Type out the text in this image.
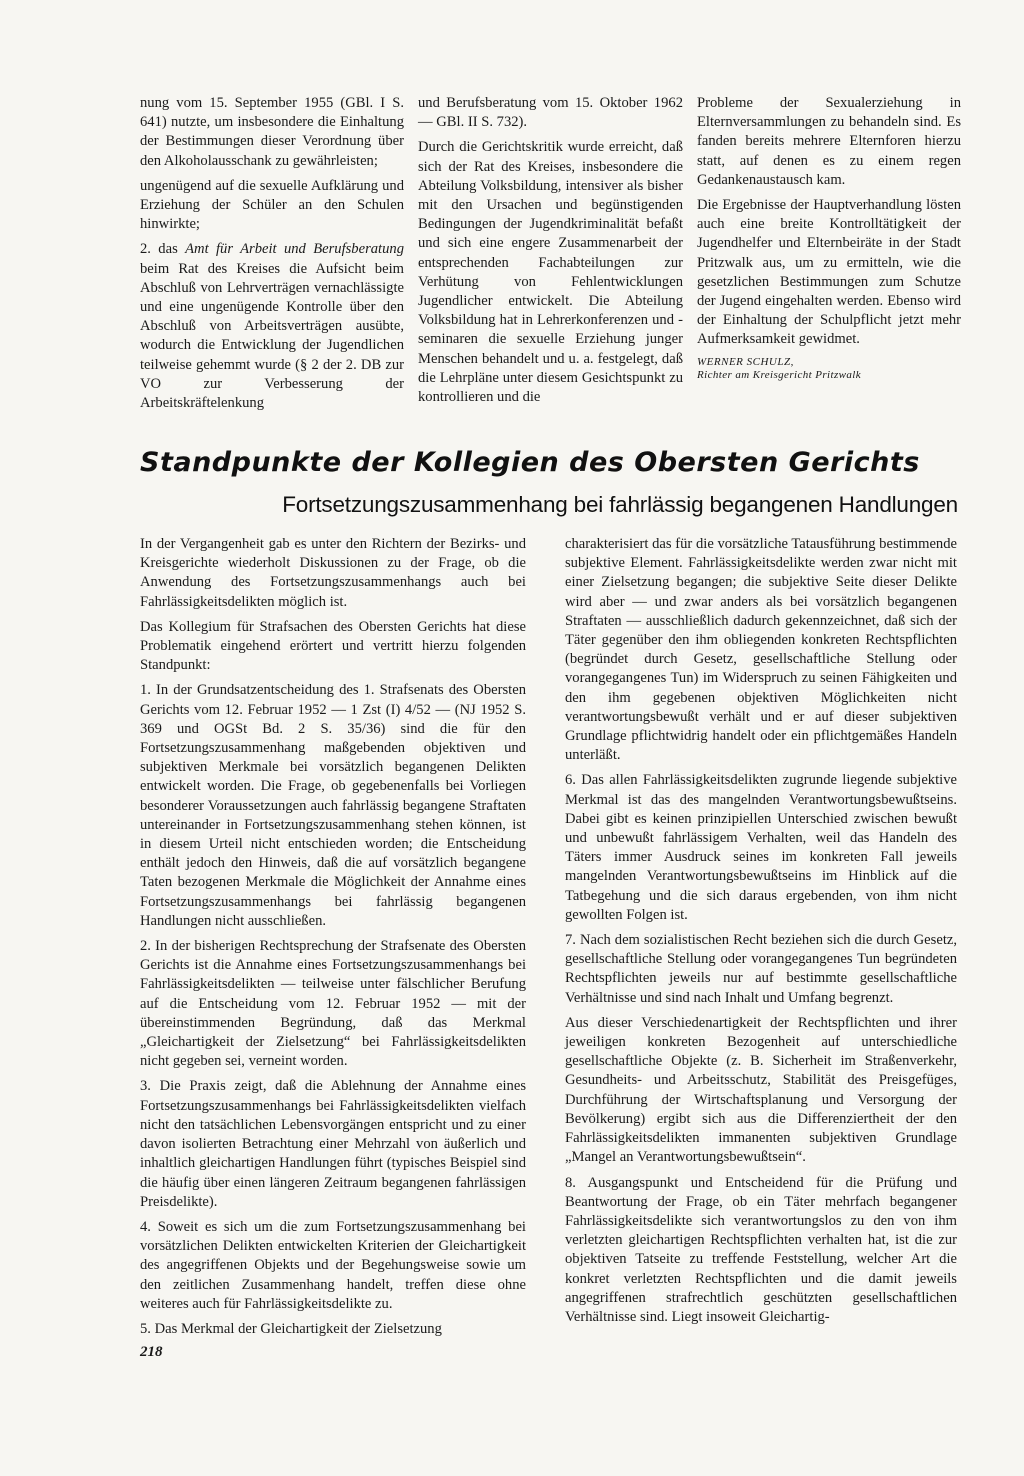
nung vom 15. September 1955 (GBl. I S. 641) nutzte, um insbesondere die Einhaltung der Bestimmungen dieser Verordnung über den Alkoholausschank zu gewährleisten;

ungenügend auf die sexuelle Aufklärung und Erziehung der Schüler an den Schulen hinwirkte;

2. das Amt für Arbeit und Berufsberatung beim Rat des Kreises die Aufsicht beim Abschluß von Lehrverträgen vernachlässigte und eine ungenügende Kontrolle über den Abschluß von Arbeitsverträgen ausübte, wodurch die Entwicklung der Jugendlichen teilweise gehemmt wurde (§ 2 der 2. DB zur VO zur Verbesserung der Arbeitskräftelenkung

und Berufsberatung vom 15. Oktober 1962 — GBl. II S. 732).

Durch die Gerichtskritik wurde erreicht, daß sich der Rat des Kreises, insbesondere die Abteilung Volksbildung, intensiver als bisher mit den Ursachen und begünstigenden Bedingungen der Jugendkriminalität befaßt und sich eine engere Zusammenarbeit der entsprechenden Fachabteilungen zur Verhütung von Fehlentwicklungen Jugendlicher entwickelt. Die Abteilung Volksbildung hat in Lehrerkonferenzen und -seminaren die sexuelle Erziehung junger Menschen behandelt und u. a. festgelegt, daß die Lehrpläne unter diesem Gesichtspunkt zu kontrollieren und die

Probleme der Sexualerziehung in Elternversammlungen zu behandeln sind. Es fanden bereits mehrere Elternforen hierzu statt, auf denen es zu einem regen Gedankenaustausch kam.

Die Ergebnisse der Hauptverhandlung lösten auch eine breite Kontrolltätigkeit der Jugendhelfer und Elternbeiräte in der Stadt Pritzwalk aus, um zu ermitteln, wie die gesetzlichen Bestimmungen zum Schutze der Jugend eingehalten werden. Ebenso wird der Einhaltung der Schulpflicht jetzt mehr Aufmerksamkeit gewidmet.

WERNER SCHULZ,
Richter am Kreisgericht Pritzwalk
Standpunkte der Kollegien des Obersten Gerichts
Fortsetzungszusammenhang bei fahrlässig begangenen Handlungen

In der Vergangenheit gab es unter den Richtern der Bezirks- und Kreisgerichte wiederholt Diskussionen zu der Frage, ob die Anwendung des Fortsetzungszusammenhangs auch bei Fahrlässigkeitsdelikten möglich ist.

Das Kollegium für Strafsachen des Obersten Gerichts hat diese Problematik eingehend erörtert und vertritt hierzu folgenden Standpunkt:

1. In der Grundsatzentscheidung des 1. Strafsenats des Obersten Gerichts vom 12. Februar 1952 — 1 Zst (I) 4/52 — (NJ 1952 S. 369 und OGSt Bd. 2 S. 35/36) sind die für den Fortsetzungszusammenhang maßgebenden objektiven und subjektiven Merkmale bei vorsätzlich begangenen Delikten entwickelt worden. Die Frage, ob gegebenenfalls bei Vorliegen besonderer Voraussetzungen auch fahrlässig begangene Straftaten untereinander in Fortsetzungszusammenhang stehen können, ist in diesem Urteil nicht entschieden worden; die Entscheidung enthält jedoch den Hinweis, daß die auf vorsätzlich begangene Taten bezogenen Merkmale die Möglichkeit der Annahme eines Fortsetzungszusammenhangs bei fahrlässig begangenen Handlungen nicht ausschließen.

2. In der bisherigen Rechtsprechung der Strafsenate des Obersten Gerichts ist die Annahme eines Fortsetzungszusammenhangs bei Fahrlässigkeitsdelikten — teilweise unter fälschlicher Berufung auf die Entscheidung vom 12. Februar 1952 — mit der übereinstimmenden Begründung, daß das Merkmal „Gleichartigkeit der Zielsetzung“ bei Fahrlässigkeitsdelikten nicht gegeben sei, verneint worden.

3. Die Praxis zeigt, daß die Ablehnung der Annahme eines Fortsetzungszusammenhangs bei Fahrlässigkeitsdelikten vielfach nicht den tatsächlichen Lebensvorgängen entspricht und zu einer davon isolierten Betrachtung einer Mehrzahl von äußerlich und inhaltlich gleichartigen Handlungen führt (typisches Beispiel sind die häufig über einen längeren Zeitraum begangenen fahrlässigen Preisdelikte).

4. Soweit es sich um die zum Fortsetzungszusammenhang bei vorsätzlichen Delikten entwickelten Kriterien der Gleichartigkeit des angegriffenen Objekts und der Begehungsweise sowie um den zeitlichen Zusammenhang handelt, treffen diese ohne weiteres auch für Fahrlässigkeitsdelikte zu.

5. Das Merkmal der Gleichartigkeit der Zielsetzung

charakterisiert das für die vorsätzliche Tatausführung bestimmende subjektive Element. Fahrlässigkeitsdelikte werden zwar nicht mit einer Zielsetzung begangen; die subjektive Seite dieser Delikte wird aber — und zwar anders als bei vorsätzlich begangenen Straftaten — ausschließlich dadurch gekennzeichnet, daß sich der Täter gegenüber den ihm obliegenden konkreten Rechtspflichten (begründet durch Gesetz, gesellschaftliche Stellung oder vorangegangenes Tun) im Widerspruch zu seinen Fähigkeiten und den ihm gegebenen objektiven Möglichkeiten nicht verantwortungsbewußt verhält und er auf dieser subjektiven Grundlage pflichtwidrig handelt oder ein pflichtgemäßes Handeln unterläßt.

6. Das allen Fahrlässigkeitsdelikten zugrunde liegende subjektive Merkmal ist das des mangelnden Verantwortungsbewußtseins. Dabei gibt es keinen prinzipiellen Unterschied zwischen bewußt und unbewußt fahrlässigem Verhalten, weil das Handeln des Täters immer Ausdruck seines im konkreten Fall jeweils mangelnden Verantwortungsbewußtseins im Hinblick auf die Tatbegehung und die sich daraus ergebenden, von ihm nicht gewollten Folgen ist.

7. Nach dem sozialistischen Recht beziehen sich die durch Gesetz, gesellschaftliche Stellung oder vorangegangenes Tun begründeten Rechtspflichten jeweils nur auf bestimmte gesellschaftliche Verhältnisse und sind nach Inhalt und Umfang begrenzt.

Aus dieser Verschiedenartigkeit der Rechtspflichten und ihrer jeweiligen konkreten Bezogenheit auf unterschiedliche gesellschaftliche Objekte (z. B. Sicherheit im Straßenverkehr, Gesundheits- und Arbeitsschutz, Stabilität des Preisgefüges, Durchführung der Wirtschaftsplanung und Versorgung der Bevölkerung) ergibt sich aus die Differenziertheit der den Fahrlässigkeitsdelikten immanenten subjektiven Grundlage „Mangel an Verantwortungsbewußtsein“.

8. Ausgangspunkt und Entscheidend für die Prüfung und Beantwortung der Frage, ob ein Täter mehrfach begangener Fahrlässigkeitsdelikte sich verantwortungslos zu den von ihm verletzten gleichartigen Rechtspflichten verhalten hat, ist die zur objektiven Tatseite zu treffende Feststellung, welcher Art die konkret verletzten Rechtspflichten und die damit jeweils angegriffenen strafrechtlich geschützten gesellschaftlichen Verhältnisse sind. Liegt insoweit Gleichartig-

218
